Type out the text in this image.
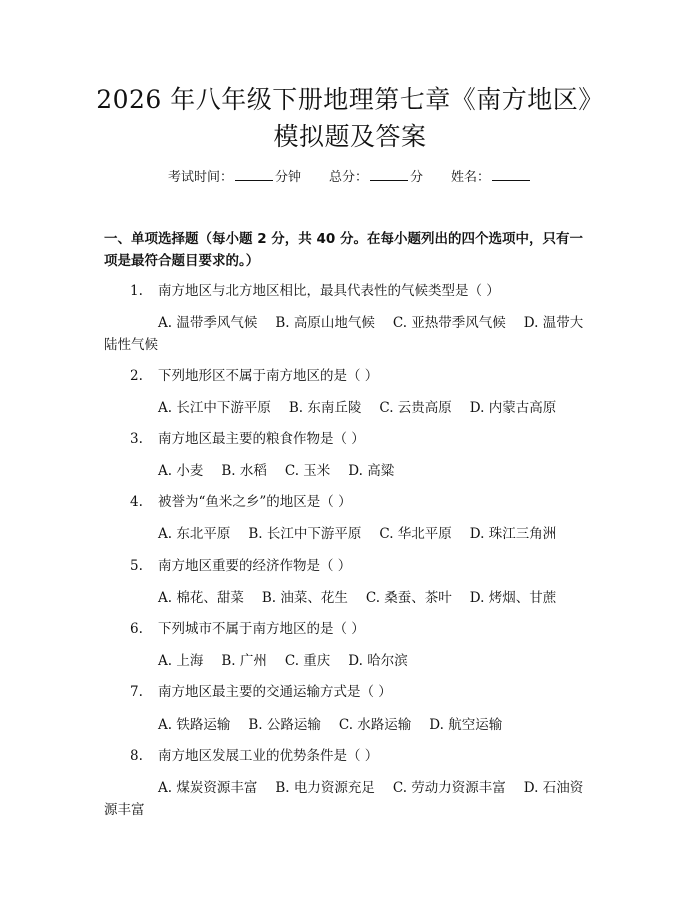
2026 年八年级下册地理第七章《南方地区》
模拟题及答案
考试时间：	分钟 总分：	分 姓名：
一、单项选择题（每小题 2 分，共 40 分。在每小题列出的四个选项中，只有一项是最符合题目要求的。）
1. 南方地区与北方地区相比，最具代表性的气候类型是（ ）
A. 温带季风气候 B. 高原山地气候 C. 亚热带季风气候 D. 温带大陆性气候
2. 下列地形区不属于南方地区的是（ ）
A. 长江中下游平原 B. 东南丘陵 C. 云贵高原 D. 内蒙古高原
3. 南方地区最主要的粮食作物是（ ）
A. 小麦 B. 水稻 C. 玉米 D. 高粱
4. 被誉为“鱼米之乡”的地区是（ ）
A. 东北平原 B. 长江中下游平原 C. 华北平原 D. 珠江三角洲
5. 南方地区重要的经济作物是（ ）
A. 棉花、甜菜 B. 油菜、花生 C. 桑蚕、茶叶 D. 烤烟、甘蔗
6. 下列城市不属于南方地区的是（ ）
A. 上海 B. 广州 C. 重庆 D. 哈尔滨
7. 南方地区最主要的交通运输方式是（ ）
A. 铁路运输 B. 公路运输 C. 水路运输 D. 航空运输
8. 南方地区发展工业的优势条件是（ ）
A. 煤炭资源丰富 B. 电力资源充足 C. 劳动力资源丰富 D. 石油资源丰富
